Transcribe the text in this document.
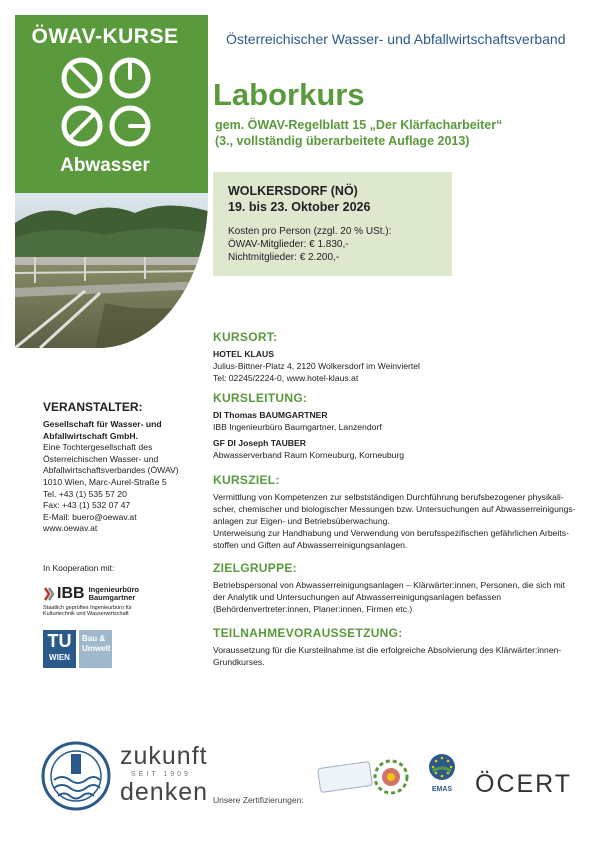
ÖWAV-KURSE
Abwasser
Österreichischer Wasser- und Abfallwirtschaftsverband
Laborkurs
gem. ÖWAV-Regelblatt 15 „Der Klärfacharbeiter“
(3., vollständig überarbeitete Auflage 2013)
WOLKERSDORF (NÖ)
19. bis 23. Oktober 2026
Kosten pro Person (zzgl. 20 % USt.):
ÖWAV-Mitglieder: € 1.830,-
Nichtmitglieder: € 2.200,-
KURSORT:
HOTEL KLAUS
Julius-Bittner-Platz 4, 2120 Wolkersdorf im Weinviertel
Tel: 02245/2224-0, www.hotel-klaus.at
KURSLEITUNG:
DI Thomas BAUMGARTNER
IBB Ingenieurbüro Baumgartner, Lanzendorf
GF DI Joseph TAUBER
Abwasserverband Raum Korneuburg, Korneuburg
KURSZIEL:
Vermittlung von Kompetenzen zur selbstständigen Durchführung berufsbezogener physikali-
scher, chemischer und biologischer Messungen bzw. Untersuchungen auf Abwasserreinigungs-
anlagen zur Eigen- und Betriebsüberwachung.
Unterweisung zur Handhabung und Verwendung von berufsspezifischen gefährlichen Arbeits-
stoffen und Giften auf Abwasserreinigungsanlagen.
ZIELGRUPPE:
Betriebspersonal von Abwasserreinigungsanlagen – Klärwärter:innen, Personen, die sich mit
der Analytik und Untersuchungen auf Abwasserreinigungsanlagen befassen
(Behördenvertreter:innen, Planer:innen, Firmen etc.)
TEILNAHMEVORAUSSETZUNG:
Voraussetzung für die Kursteilnahme ist die erfolgreiche Absolvierung des Klärwärter:innen-
Grundkurses.
VERANSTALTER:
Gesellschaft für Wasser- und
Abfallwirtschaft GmbH.
Eine Tochtergesellschaft des
Österreichischen Wasser- und
Abfallwirtschaftsverbandes (ÖWAV)
1010 Wien, Marc-Aurel-Straße 5
Tel. +43 (1) 535 57 20
Fax: +43 (1) 532 07 47
E-Mail: buero@oewav.at
www.oewav.at
In Kooperation mit:
IBB Ingenieurbüro
Baumgartner
Staatlich geprüftes Ingenieurbüro für
Kulturtechnik und Wasserwirtschaft
TU
WIEN
Bau &
Umwelt
zukunft
SEIT 1909
denken Unsere Zertifizierungen:
EMAS ÖCERT
